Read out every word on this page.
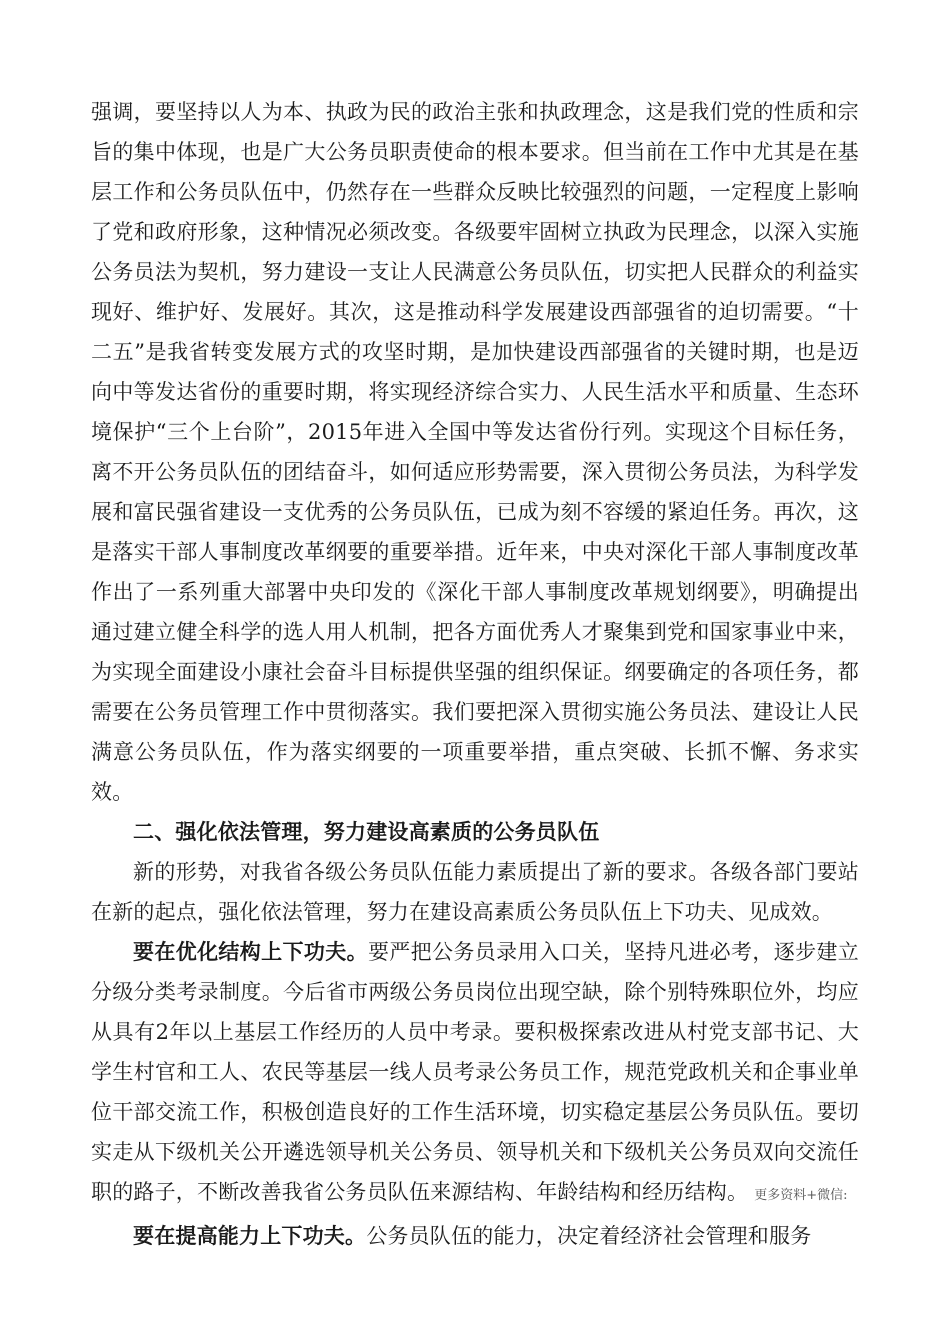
强调，要坚持以人为本、执政为民的政治主张和执政理念，这是我们党的性质和宗旨的集中体现，也是广大公务员职责使命的根本要求。但当前在工作中尤其是在基层工作和公务员队伍中，仍然存在一些群众反映比较强烈的问题，一定程度上影响了党和政府形象，这种情况必须改变。各级要牢固树立执政为民理念，以深入实施公务员法为契机，努力建设一支让人民满意公务员队伍，切实把人民群众的利益实现好、维护好、发展好。其次，这是推动科学发展建设西部强省的迫切需要。“十二五”是我省转变发展方式的攻坚时期，是加快建设西部强省的关键时期，也是迈向中等发达省份的重要时期，将实现经济综合实力、人民生活水平和质量、生态环境保护“三个上台阶”，2015年进入全国中等发达省份行列。实现这个目标任务，离不开公务员队伍的团结奋斗，如何适应形势需要，深入贯彻公务员法，为科学发展和富民强省建设一支优秀的公务员队伍，已成为刻不容缓的紧迫任务。再次，这是落实干部人事制度改革纲要的重要举措。近年来，中央对深化干部人事制度改革作出了一系列重大部署中央印发的《深化干部人事制度改革规划纲要》，明确提出通过建立健全科学的选人用人机制，把各方面优秀人才聚集到党和国家事业中来，为实现全面建设小康社会奋斗目标提供坚强的组织保证。纲要确定的各项任务，都需要在公务员管理工作中贯彻落实。我们要把深入贯彻实施公务员法、建设让人民满意公务员队伍，作为落实纲要的一项重要举措，重点突破、长抓不懈、务求实效。

二、强化依法管理，努力建设高素质的公务员队伍

新的形势，对我省各级公务员队伍能力素质提出了新的要求。各级各部门要站在新的起点，强化依法管理，努力在建设高素质公务员队伍上下功夫、见成效。

要在优化结构上下功夫。要严把公务员录用入口关，坚持凡进必考，逐步建立分级分类考录制度。今后省市两级公务员岗位出现空缺，除个别特殊职位外，均应从具有2年以上基层工作经历的人员中考录。要积极探索改进从村党支部书记、大学生村官和工人、农民等基层一线人员考录公务员工作，规范党政机关和企事业单位干部交流工作，积极创造良好的工作生活环境，切实稳定基层公务员队伍。要切实走从下级机关公开遴选领导机关公务员、领导机关和下级机关公务员双向交流任职的路子，不断改善我省公务员队伍来源结构、年龄结构和经历结构。 更多资料+微信:

要在提高能力上下功夫。公务员队伍的能力，决定着经济社会管理和服务
